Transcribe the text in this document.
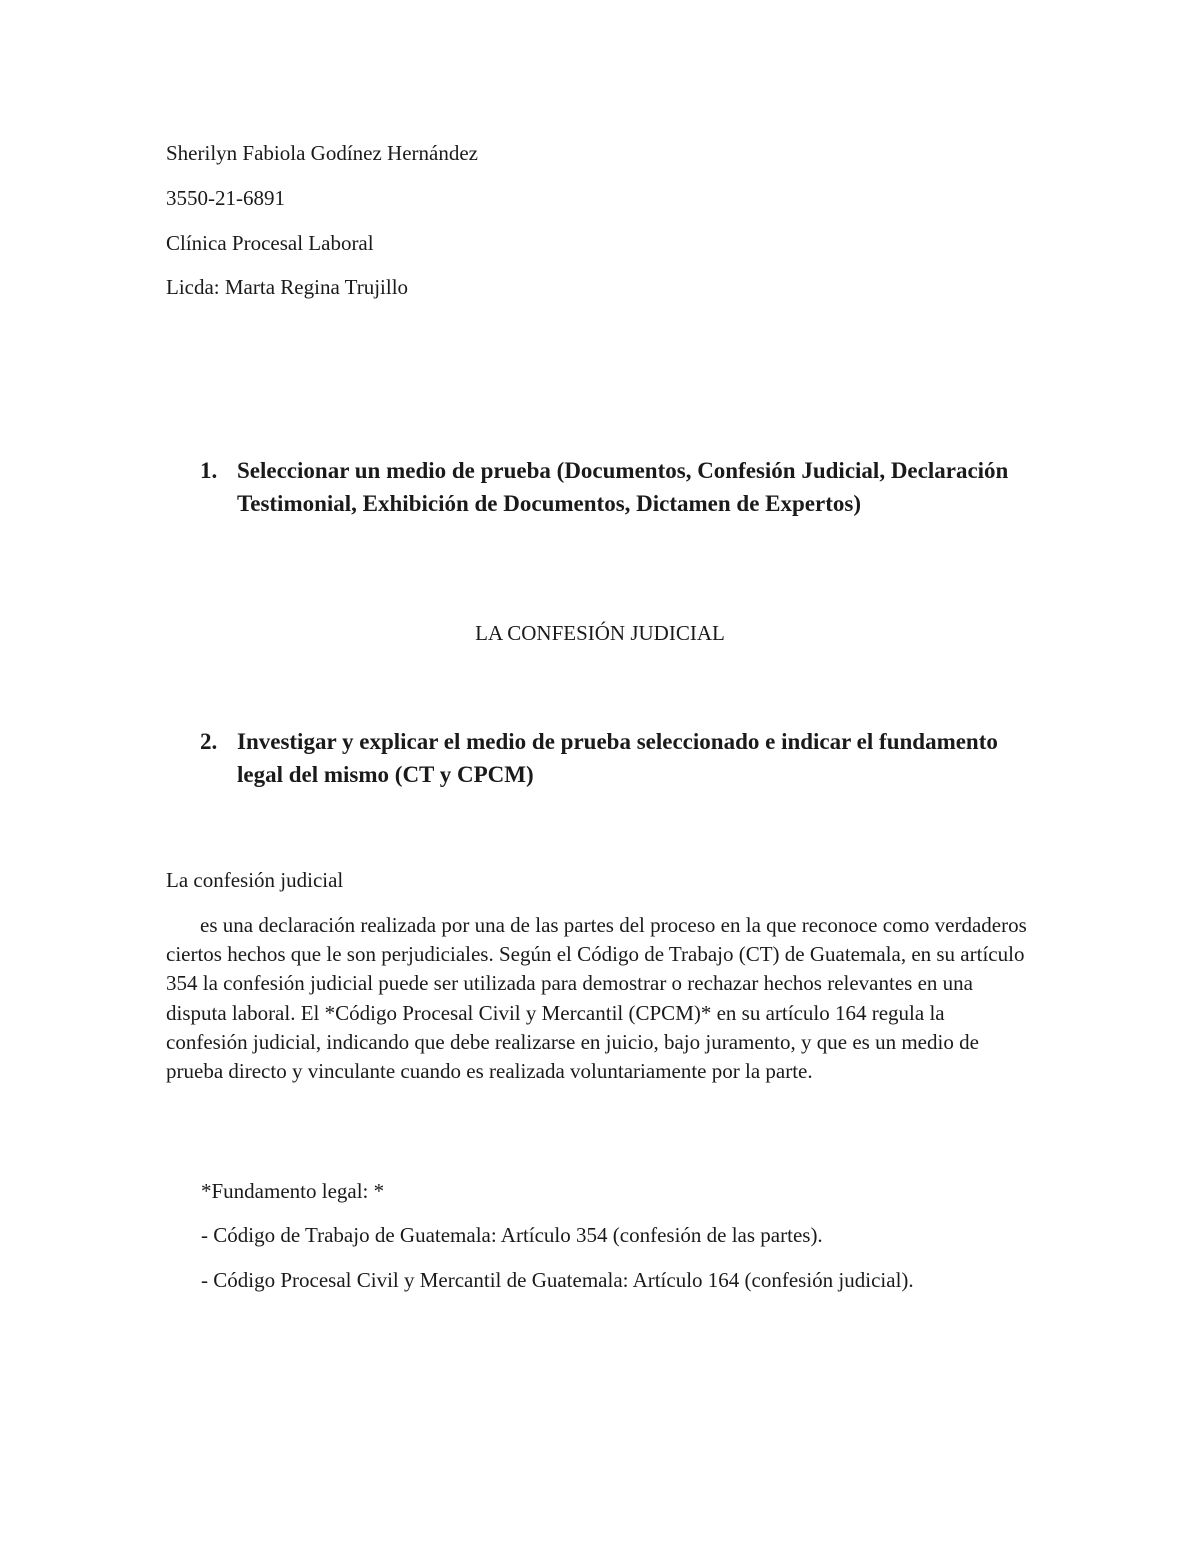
Sherilyn Fabiola Godínez Hernández
3550-21-6891
Clínica Procesal Laboral
Licda: Marta Regina Trujillo
1. Seleccionar un medio de prueba (Documentos, Confesión Judicial, Declaración Testimonial, Exhibición de Documentos, Dictamen de Expertos)
LA CONFESIÓN JUDICIAL
2. Investigar y explicar el medio de prueba seleccionado e indicar el fundamento legal del mismo (CT y CPCM)
La confesión judicial
es una declaración realizada por una de las partes del proceso en la que reconoce como verdaderos ciertos hechos que le son perjudiciales. Según el Código de Trabajo (CT) de Guatemala, en su artículo 354 la confesión judicial puede ser utilizada para demostrar o rechazar hechos relevantes en una disputa laboral. El *Código Procesal Civil y Mercantil (CPCM)* en su artículo 164 regula la confesión judicial, indicando que debe realizarse en juicio, bajo juramento, y que es un medio de prueba directo y vinculante cuando es realizada voluntariamente por la parte.
*Fundamento legal: *
- Código de Trabajo de Guatemala: Artículo 354 (confesión de las partes).
- Código Procesal Civil y Mercantil de Guatemala: Artículo 164 (confesión judicial).
